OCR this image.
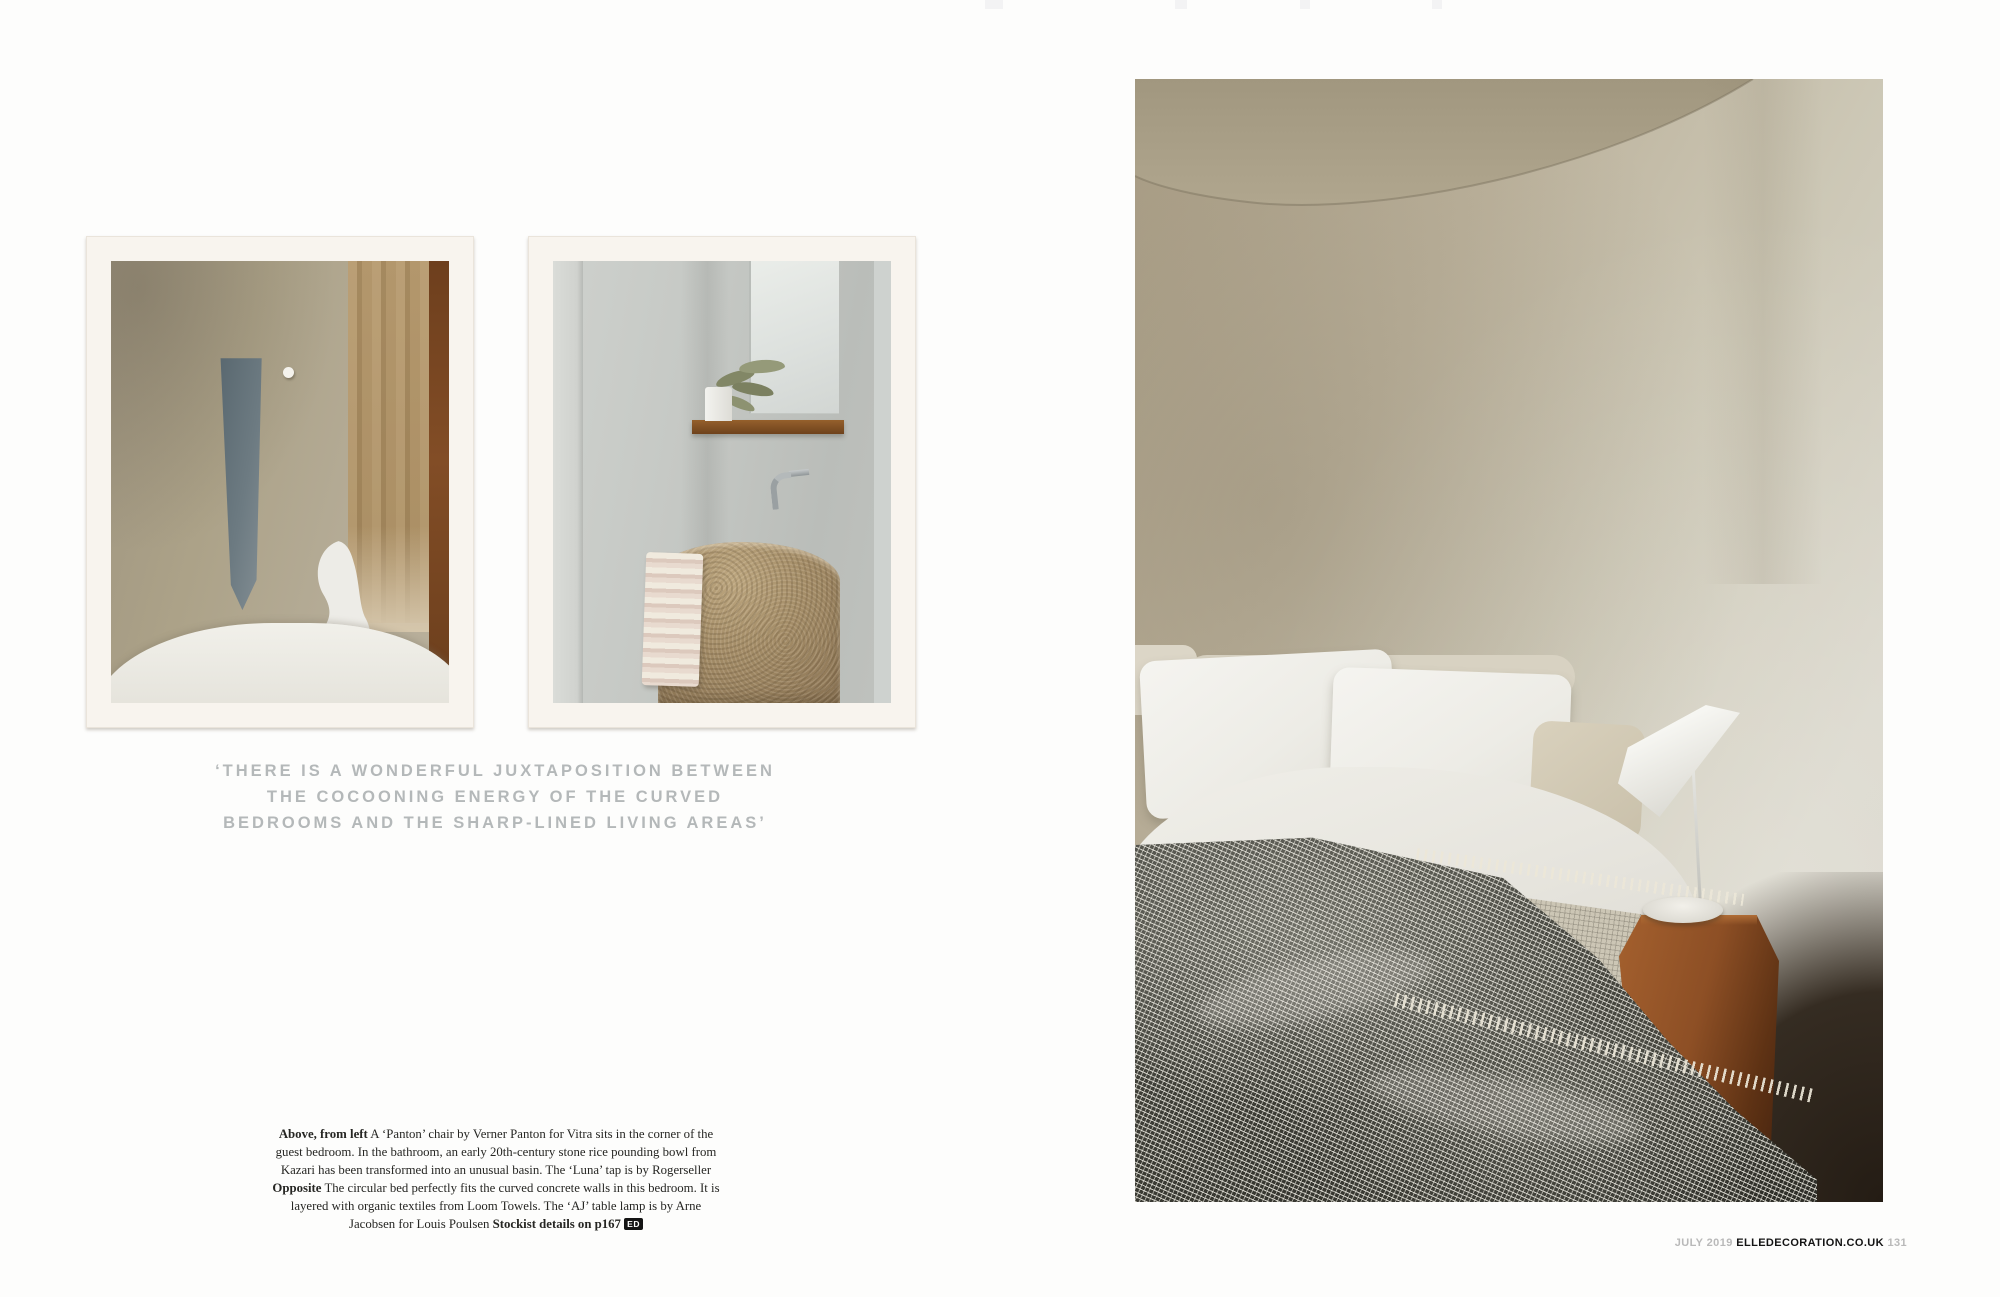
‘THERE IS A WONDERFUL JUXTAPOSITION BETWEEN
THE COCOONING ENERGY OF THE CURVED
BEDROOMS AND THE SHARP-LINED LIVING AREAS’

Above, from left A ‘Panton’ chair by Verner Panton for Vitra sits in the corner of the guest bedroom. In the bathroom, an early 20th-century stone rice pounding bowl from Kazari has been transformed into an unusual basin. The ‘Luna’ tap is by Rogerseller Opposite The circular bed perfectly fits the curved concrete walls in this bedroom. It is layered with organic textiles from Loom Towels. The ‘AJ’ table lamp is by Arne Jacobsen for Louis Poulsen Stockist details on p167 ED

JULY 2019 ELLEDECORATION.CO.UK 131
